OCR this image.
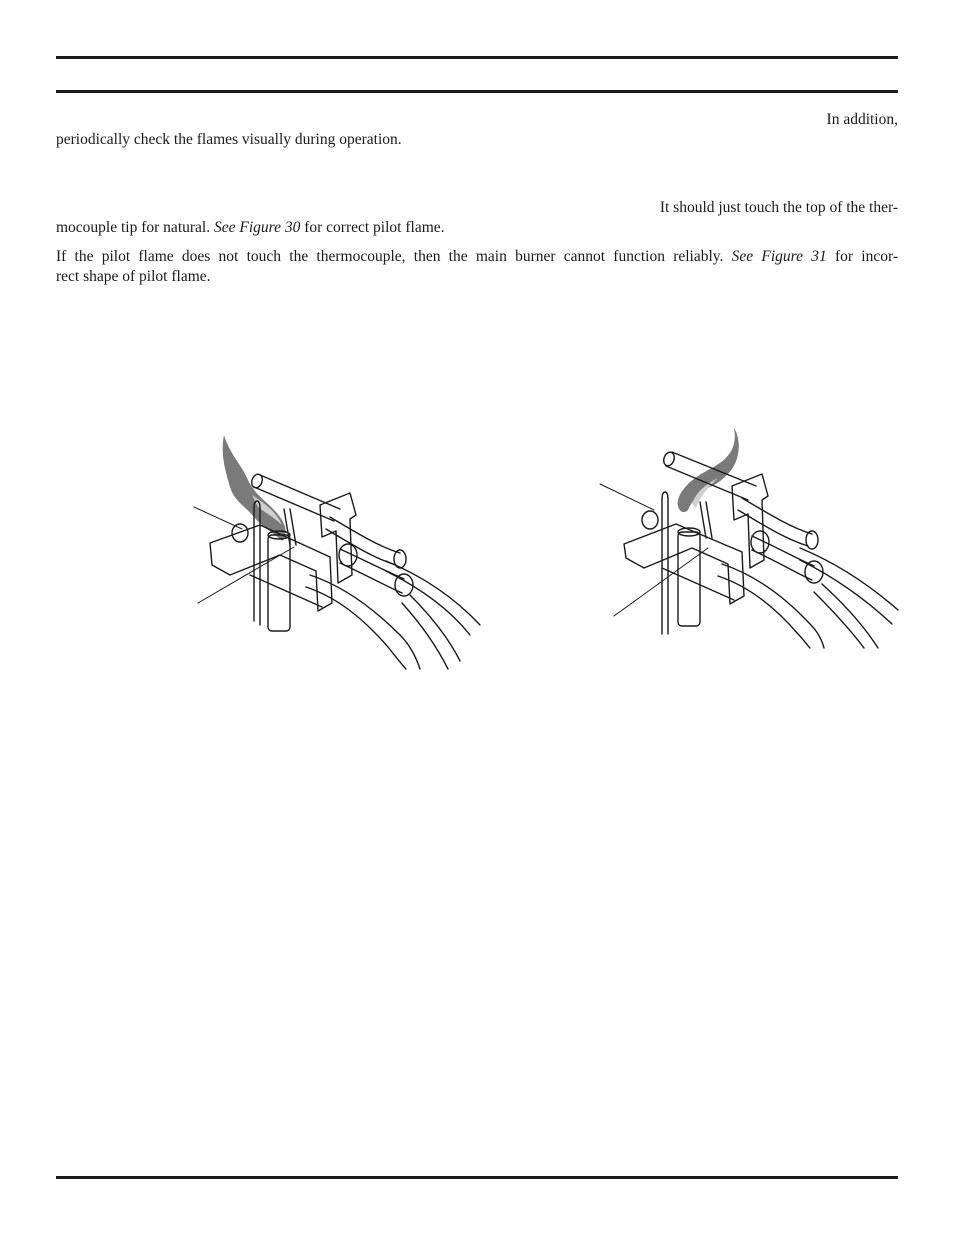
In addition,

periodically check the flames visually during operation.

It should just touch the top of the ther-

mocouple tip for natural. See Figure 30 for correct pilot flame.

If the pilot flame does not touch the thermocouple, then the main burner cannot function reliably. See Figure 31 for incor-

rect shape of pilot flame.
